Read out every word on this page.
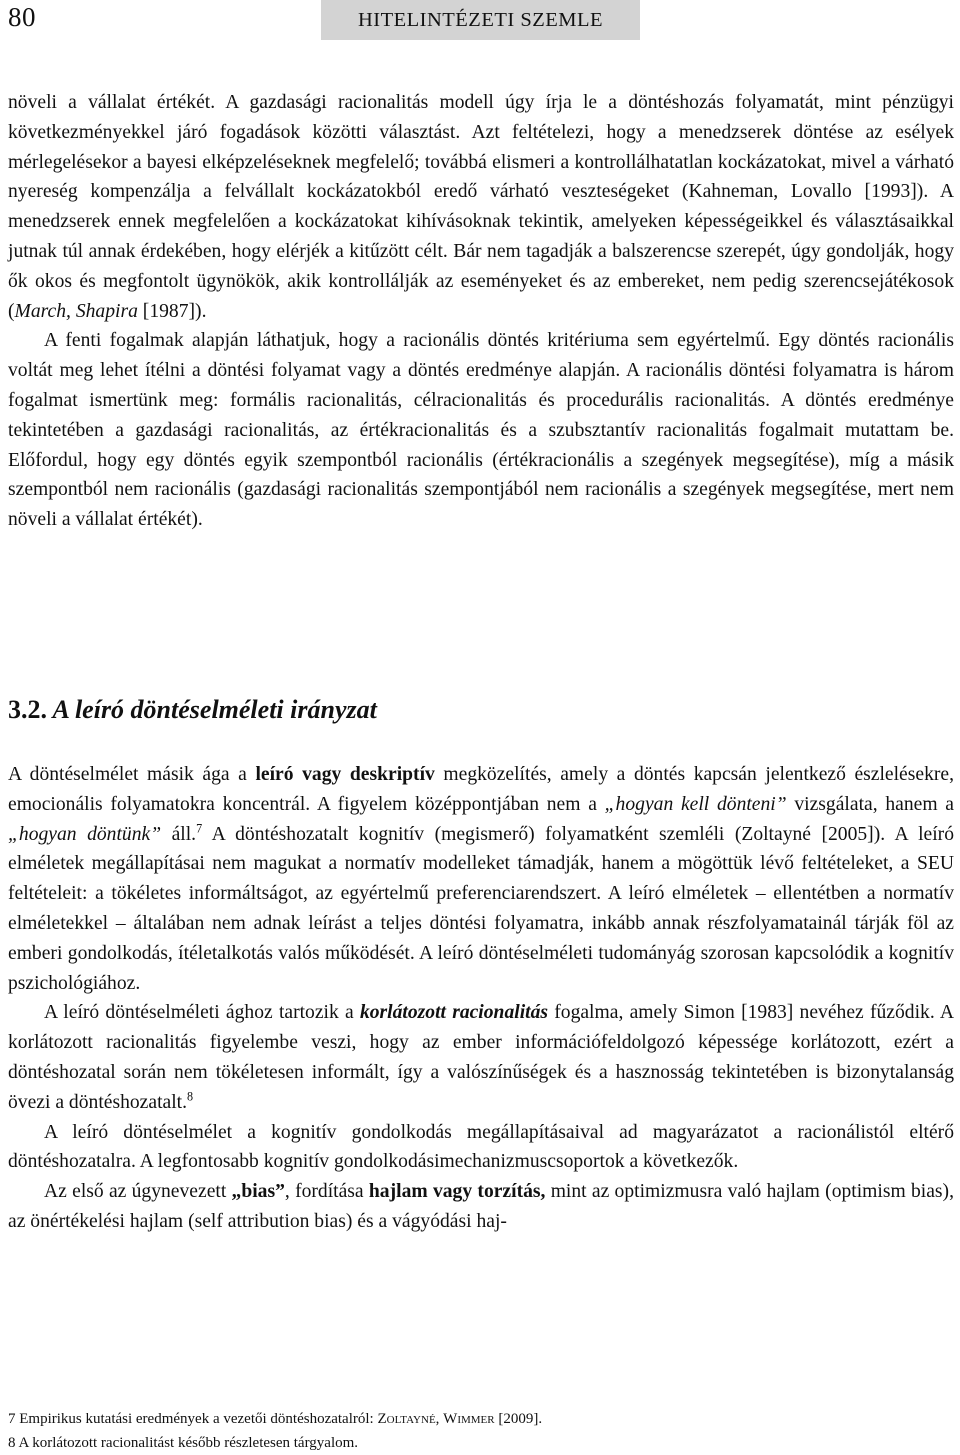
80	HITELINTÉZETI SZEMLE

növeli a vállalat értékét. A gazdasági racionalitás modell úgy írja le a döntéshozás folyamatát, mint pénzügyi következményekkel járó fogadások közötti választást. Azt feltételezi, hogy a menedzserek döntése az esélyek mérlegelésekor a bayesi elképzeléseknek megfelelő; továbbá elismeri a kontrollálhatatlan kockázatokat, mivel a várható nyereség kompenzálja a felvállalt kockázatokból eredő várható veszteségeket (Kahneman, Lovallo [1993]). A menedzserek ennek megfelelően a kockázatokat kihívásoknak tekintik, amelyeken képességeikkel és választásaikkal jutnak túl annak érdekében, hogy elérjék a kitűzött célt. Bár nem tagadják a balszerencse szerepét, úgy gondolják, hogy ők okos és megfontolt ügynökök, akik kontrollálják az eseményeket és az embereket, nem pedig szerencsejátékosok (March, Shapira [1987]).

A fenti fogalmak alapján láthatjuk, hogy a racionális döntés kritériuma sem egyértelmű. Egy döntés racionális voltát meg lehet ítélni a döntési folyamat vagy a döntés eredménye alapján. A racionális döntési folyamatra is három fogalmat ismertünk meg: formális racionalitás, célracionalitás és procedurális racionalitás. A döntés eredménye tekintetében a gazdasági racionalitás, az értékracionalitás és a szubsztantív racionalitás fogalmait mutattam be. Előfordul, hogy egy döntés egyik szempontból racionális (értékracionális a szegények megsegítése), míg a másik szempontból nem racionális (gazdasági racionalitás szempontjából nem racionális a szegények megsegítése, mert nem növeli a vállalat értékét).

3.2. A leíró döntéselméleti irányzat

A döntéselmélet másik ága a leíró vagy deskriptív megközelítés, amely a döntés kapcsán jelentkező észlelésekre, emocionális folyamatokra koncentrál. A figyelem középpontjában nem a „hogyan kell dönteni” vizsgálata, hanem a „hogyan döntünk” áll.$^7$ A döntéshozatalt kognitív (megismerő) folyamatként szemléli (Zoltayné [2005]). A leíró elméletek megállapításai nem magukat a normatív modelleket támadják, hanem a mögöttük lévő feltételeket, a SEU feltételeit: a tökéletes informáltságot, az egyértelmű preferenciarendszert. A leíró elméletek – ellentétben a normatív elméletekkel – általában nem adnak leírást a teljes döntési folyamatra, inkább annak részfolyamatainál tárják föl az emberi gondolkodás, ítéletalkotás valós működését. A leíró döntéselméleti tudományág szorosan kapcsolódik a kognitív pszichológiához.

A leíró döntéselméleti ághoz tartozik a korlátozott racionalitás fogalma, amely Simon [1983] nevéhez fűződik. A korlátozott racionalitás figyelembe veszi, hogy az ember információfeldolgozó képessége korlátozott, ezért a döntéshozatal során nem tökéletesen informált, így a valószínűségek és a hasznosság tekintetében is bizonytalanság övezi a döntéshozatalt.$^8$

A leíró döntéselmélet a kognitív gondolkodás megállapításaival ad magyarázatot a racionálistól eltérő döntéshozatalra. A legfontosabb kognitív gondolkodásimechanizmuscsoportok a következők.

Az első az úgynevezett „bias”, fordítása hajlam vagy torzítás, mint az optimizmusra való hajlam (optimism bias), az önértékelési hajlam (self attribution bias) és a vágyódási haj-

7 Empirikus kutatási eredmények a vezetői döntéshozatalról: Zoltayné, Wimmer [2009].
8 A korlátozott racionalitást később részletesen tárgyalom.
